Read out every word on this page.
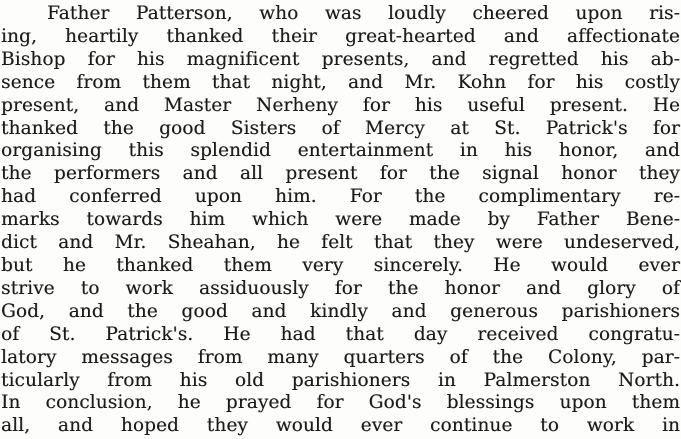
Father Patterson, who was loudly cheered upon ris-
ing, heartily thanked their great-hearted and affectionate
Bishop for his magnificent presents, and regretted his ab-
sence from them that night, and Mr. Kohn for his costly
present, and Master Nerheny for his useful present. He
thanked the good Sisters of Mercy at St. Patrick's for
organising this splendid entertainment in his honor, and
the performers and all present for the signal honor they
had conferred upon him. For the complimentary re-
marks towards him which were made by Father Bene-
dict and Mr. Sheahan, he felt that they were undeserved,
but he thanked them very sincerely. He would ever
strive to work assiduously for the honor and glory of
God, and the good and kindly and generous parishioners
of St. Patrick's. He had that day received congratu-
latory messages from many quarters of the Colony, par-
ticularly from his old parishioners in Palmerston North.
In conclusion, he prayed for God's blessings upon them
all, and hoped they would ever continue to work in
